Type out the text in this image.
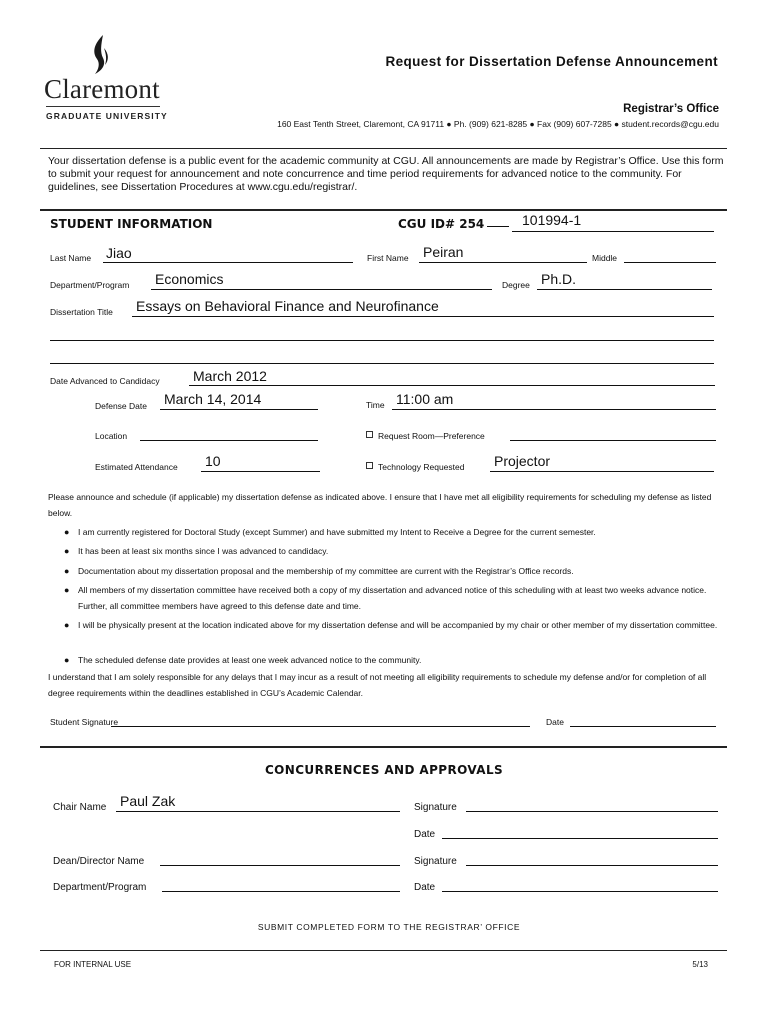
Claremont
GRADUATE UNIVERSITY
Request for Dissertation Defense Announcement
Registrar’s Office
160 East Tenth Street, Claremont, CA 91711 ● Ph. (909) 621-8285 ● Fax (909) 607-7285 ● student.records@cgu.edu
Your dissertation defense is a public event for the academic community at CGU. All announcements are made by Registrar’s Office. Use this form to submit your request for announcement and note concurrence and time period requirements for advanced notice to the community. For guidelines, see Dissertation Procedures at www.cgu.edu/registrar/.
STUDENT INFORMATION	CGU ID# 254	101994-1
Last Name Jiao	First Name Peiran	Middle
Department/Program Economics	Degree Ph.D.
Dissertation Title Essays on Behavioral Finance and Neurofinance
Date Advanced to Candidacy March 2012
Defense Date March 14, 2014	Time 11:00 am
Location	Request Room—Preference
Estimated Attendance 10	Technology Requested Projector
Please announce and schedule (if applicable) my dissertation defense as indicated above. I ensure that I have met all eligibility requirements for scheduling my defense as listed below.
● I am currently registered for Doctoral Study (except Summer) and have submitted my Intent to Receive a Degree for the current semester.
● It has been at least six months since I was advanced to candidacy.
● Documentation about my dissertation proposal and the membership of my committee are current with the Registrar’s Office records.
● All members of my dissertation committee have received both a copy of my dissertation and advanced notice of this scheduling with at least two weeks advance notice. Further, all committee members have agreed to this defense date and time.
● I will be physically present at the location indicated above for my dissertation defense and will be accompanied by my chair or other member of my dissertation committee.
● The scheduled defense date provides at least one week advanced notice to the community.
I understand that I am solely responsible for any delays that I may incur as a result of not meeting all eligibility requirements to schedule my defense and/or for completion of all degree requirements within the deadlines established in CGU’s Academic Calendar.
Student Signature	Date
CONCURRENCES AND APPROVALS
Chair Name Paul Zak	Signature
Date
Dean/Director Name	Signature
Department/Program	Date
SUBMIT COMPLETED FORM TO THE REGISTRAR’ OFFICE
FOR INTERNAL USE	5/13
